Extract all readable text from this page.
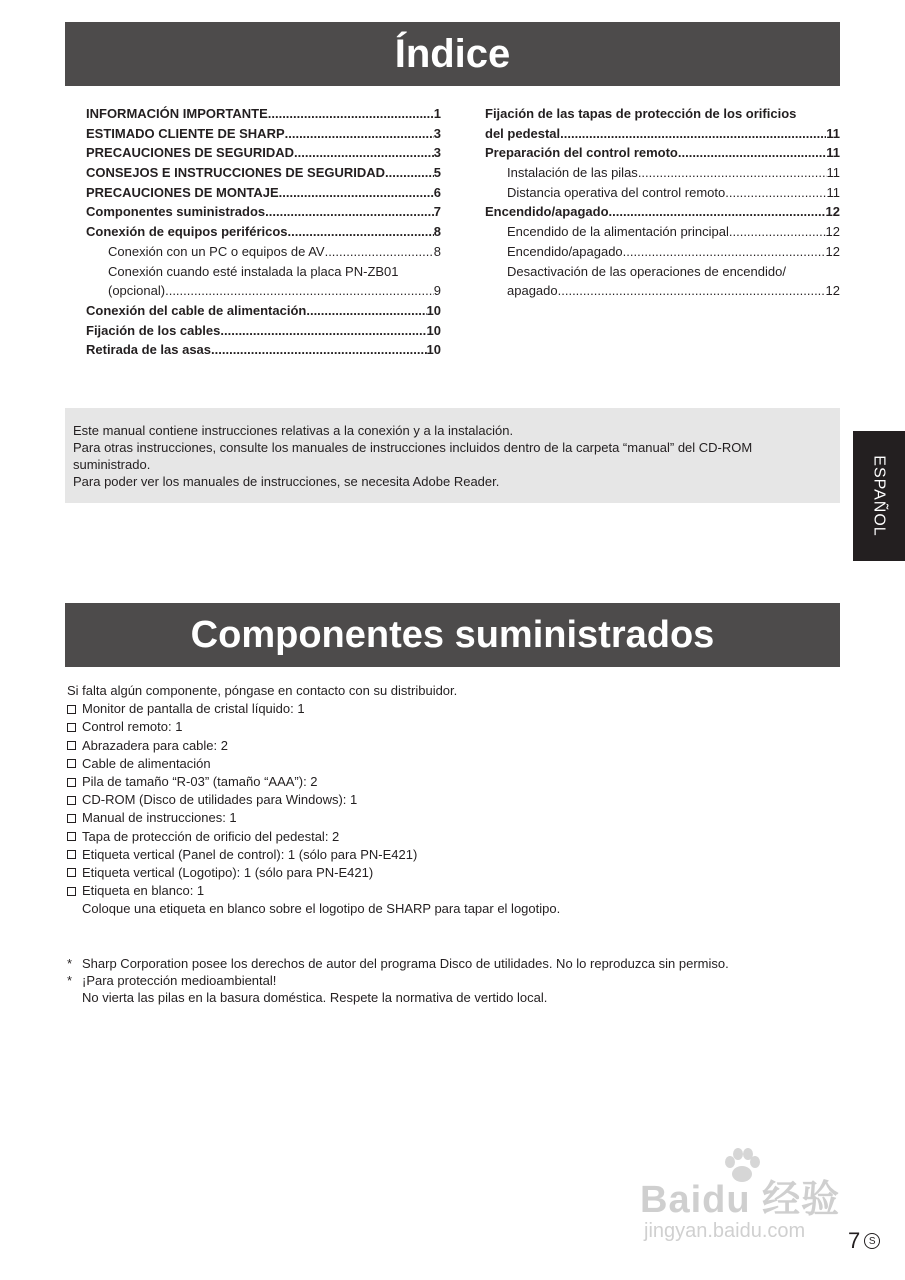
Índice
INFORMACIÓN IMPORTANTE .....	1
ESTIMADO CLIENTE DE SHARP .....	3
PRECAUCIONES DE SEGURIDAD .....	3
CONSEJOS E INSTRUCCIONES DE SEGURIDAD .....	5
PRECAUCIONES DE MONTAJE .....	6
Componentes suministrados .....	7
Conexión de equipos periféricos .....	8
Conexión con un PC o equipos de AV .....	8
Conexión cuando esté instalada la placa PN-ZB01
(opcional) .....	9
Conexión del cable de alimentación .....	10
Fijación de los cables .....	10
Retirada de las asas .....	10
Fijación de las tapas de protección de los orificios
del pedestal .....	11
Preparación del control remoto .....	11
Instalación de las pilas .....	11
Distancia operativa del control remoto .....	11
Encendido/apagado .....	12
Encendido de la alimentación principal .....	12
Encendido/apagado .....	12
Desactivación de las operaciones de encendido/
apagado .....	12
Este manual contiene instrucciones relativas a la conexión y a la instalación.
Para otras instrucciones, consulte los manuales de instrucciones incluidos dentro de la carpeta “manual” del CD-ROM
suministrado.
Para poder ver los manuales de instrucciones, se necesita Adobe Reader.	ESPAÑOL
Componentes suministrados
Si falta algún componente, póngase en contacto con su distribuidor.
Monitor de pantalla de cristal líquido: 1
Control remoto: 1
Abrazadera para cable: 2
Cable de alimentación
Pila de tamaño “R-03” (tamaño “AAA”): 2
CD-ROM (Disco de utilidades para Windows): 1
Manual de instrucciones: 1
Tapa de protección de orificio del pedestal: 2
Etiqueta vertical (Panel de control): 1 (sólo para PN-E421)
Etiqueta vertical (Logotipo): 1 (sólo para PN-E421)
Etiqueta en blanco: 1
Coloque una etiqueta en blanco sobre el logotipo de SHARP para tapar el logotipo.
* Sharp Corporation posee los derechos de autor del programa Disco de utilidades. No lo reproduzca sin permiso.
* ¡Para protección medioambiental!
No vierta las pilas en la basura doméstica. Respete la normativa de vertido local.
Baidu 经验
jingyan.baidu.com 7 S
